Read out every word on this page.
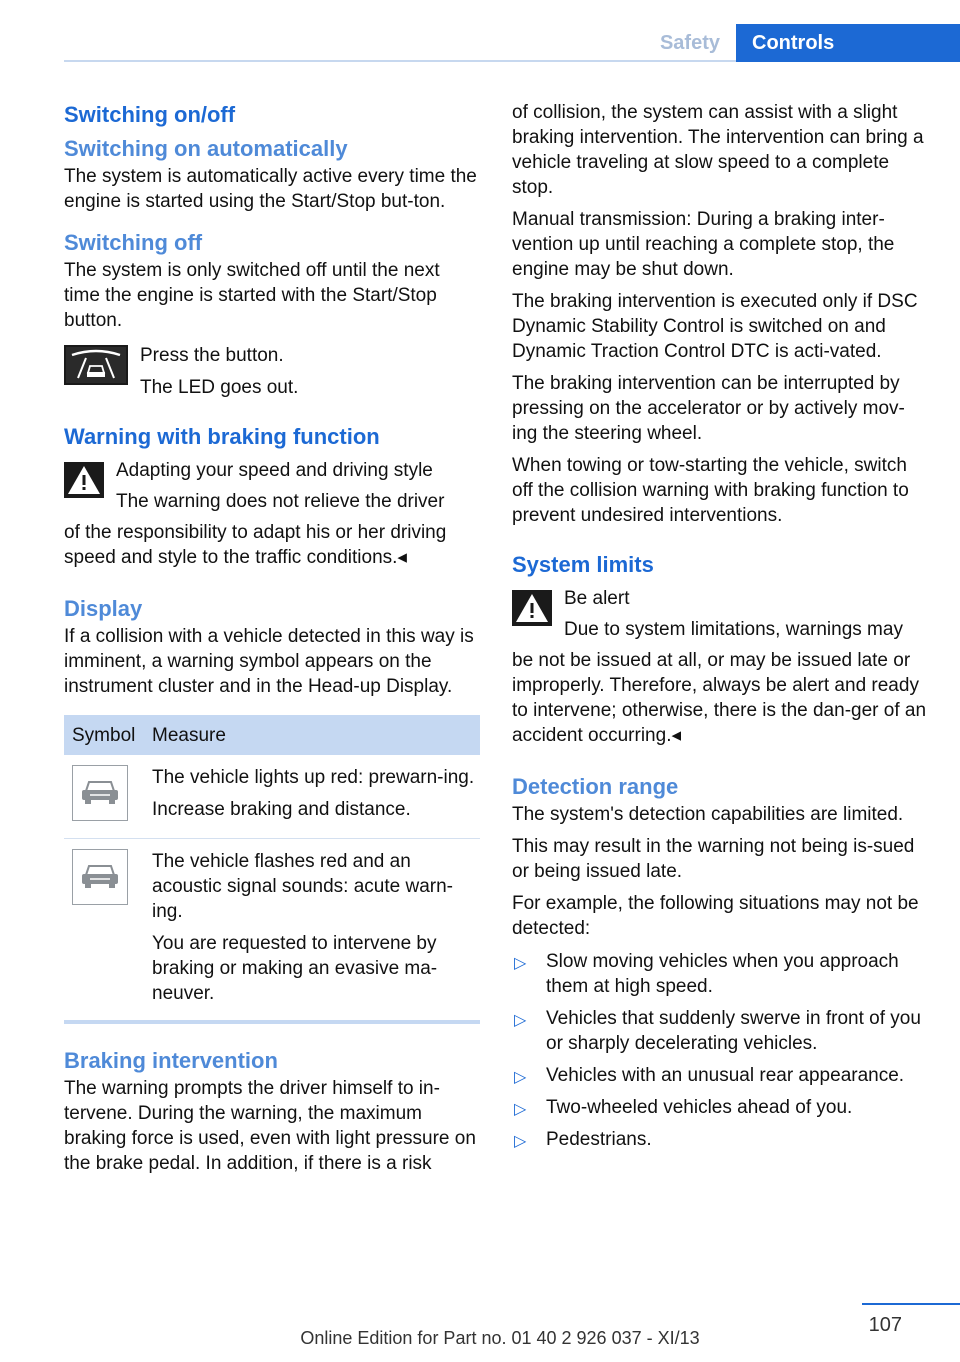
Safety	Controls
Switching on/off
Switching on automatically

The system is automatically active every time the engine is started using the Start/Stop but-ton.

Switching off

The system is only switched off until the next time the engine is started with the Start/Stop button.

Press the button.

The LED goes out.

Warning with braking function

Adapting your speed and driving style

The warning does not relieve the driver

of the responsibility to adapt his or her driving speed and style to the traffic conditions.◂

Display

If a collision with a vehicle detected in this way is imminent, a warning symbol appears on the instrument cluster and in the Head-up Display.

Symbol	Measure

The vehicle lights up red: prewarn-ing.

Increase braking and distance.

The vehicle flashes red and an acoustic signal sounds: acute warn-ing.

You are requested to intervene by braking or making an evasive ma-neuver.

Braking intervention

The warning prompts the driver himself to in-tervene. During the warning, the maximum braking force is used, even with light pressure on the brake pedal. In addition, if there is a risk

of collision, the system can assist with a slight braking intervention. The intervention can bring a vehicle traveling at slow speed to a complete stop.

Manual transmission: During a braking inter-vention up until reaching a complete stop, the engine may be shut down.

The braking intervention is executed only if DSC Dynamic Stability Control is switched on and Dynamic Traction Control DTC is acti-vated.

The braking intervention can be interrupted by pressing on the accelerator or by actively mov-ing the steering wheel.

When towing or tow-starting the vehicle, switch off the collision warning with braking function to prevent undesired interventions.

System limits

Be alert

Due to system limitations, warnings may

be not be issued at all, or may be issued late or improperly. Therefore, always be alert and ready to intervene; otherwise, there is the dan-ger of an accident occurring.◂

Detection range

The system's detection capabilities are limited.

This may result in the warning not being is-sued or being issued late.

For example, the following situations may not be detected:

▷ Slow moving vehicles when you approach them at high speed.
▷ Vehicles that suddenly swerve in front of you or sharply decelerating vehicles.
▷ Vehicles with an unusual rear appearance.
▷ Two-wheeled vehicles ahead of you.
▷ Pedestrians.
107
Online Edition for Part no. 01 40 2 926 037 - XI/13
